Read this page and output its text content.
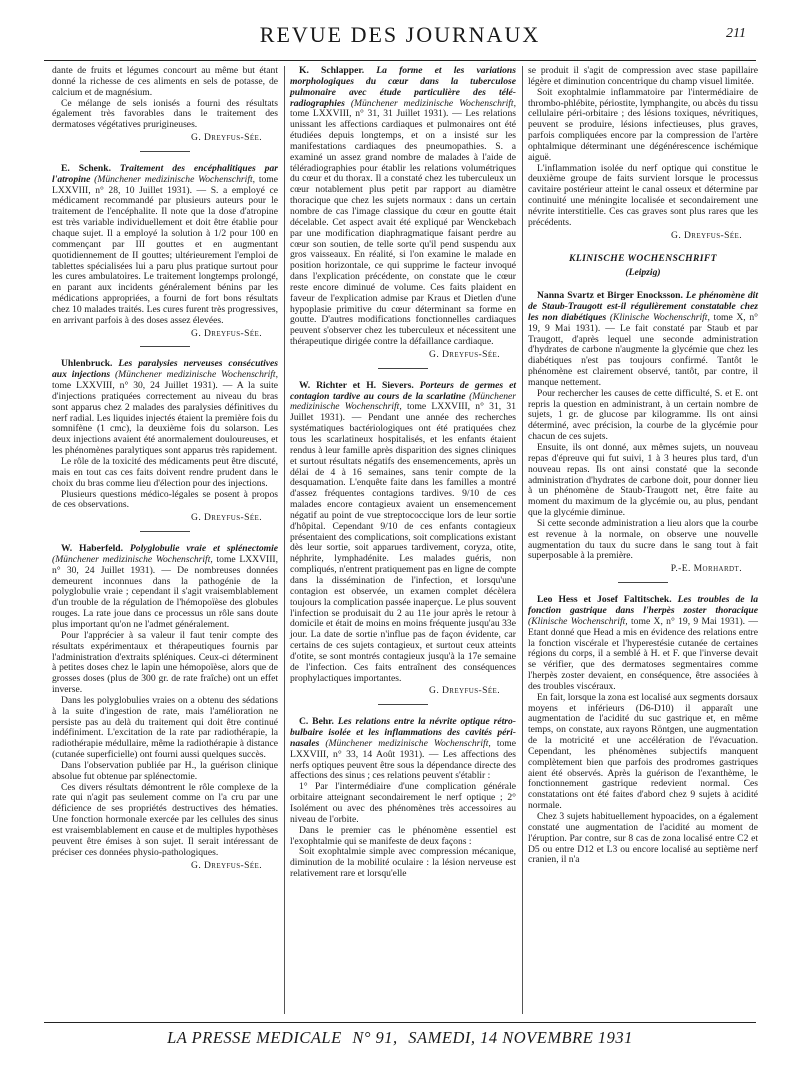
REVUE DES JOURNAUX	211

dante de fruits et légumes concourt au même but étant donné la richesse de ces aliments en sels de potasse, de calcium et de magnésium.

Ce mélange de sels ionisés a fourni des résultats également très favorables dans le traitement des dermatoses végétatives prurigineuses.

G. Dreyfus-Sée.

E. Schenk. Traitement des encéphalitiques par l'atropine (Münchener medizinische Wochenschrift, tome LXXVIII, n° 28, 10 Juillet 1931). — S. a employé ce médicament recommandé par plusieurs auteurs pour le traitement de l'encéphalite. Il note que la dose d'atropine est très variable individuellement et doit être établie pour chaque sujet. Il a employé la solution à 1/2 pour 100 en commençant par III gouttes et en augmentant quotidiennement de II gouttes; ultérieurement l'emploi de tablettes spécialisées lui a paru plus pratique surtout pour les cures ambulatoires. Le traitement longtemps prolongé, en parant aux incidents généralement bénins par les médications appropriées, a fourni de fort bons résultats chez 10 malades traités. Les cures furent très progressives, en arrivant parfois à des doses assez élevées.

G. Dreyfus-Sée.

Uhlenbruck. Les paralysies nerveuses consécutives aux injections (Münchener medizinische Wochenschrift, tome LXXVIII, n° 30, 24 Juillet 1931). — A la suite d'injections pratiquées correctement au niveau du bras sont apparus chez 2 malades des paralysies définitives du nerf radial. Les liquides injectés étaient la première fois du somnifène (1 cmc), la deuxième fois du solarson. Les deux injections avaient été anormalement douloureuses, et les phénomènes paralytiques sont apparus très rapidement.

Le rôle de la toxicité des médicaments peut être discuté, mais en tout cas ces faits doivent rendre prudent dans le choix du bras comme lieu d'élection pour des injections.

Plusieurs questions médico-légales se posent à propos de ces observations.

G. Dreyfus-Sée.

W. Haberfeld. Polyglobulie vraie et splénectomie (Münchener medizinische Wochenschrift, tome LXXVIII, n° 30, 24 Juillet 1931). — De nombreuses données demeurent inconnues dans la pathogénie de la polyglobulie vraie ; cependant il s'agit vraisemblablement d'un trouble de la régulation de l'hémopoïèse des globules rouges. La rate joue dans ce processus un rôle sans doute plus important qu'on ne l'admet généralement.

Pour l'apprécier à sa valeur il faut tenir compte des résultats expérimentaux et thérapeutiques fournis par l'administration d'extraits spléniques. Ceux-ci déterminent à petites doses chez le lapin une hémopoïèse, alors que de grosses doses (plus de 300 gr. de rate fraîche) ont un effet inverse.

Dans les polyglobulies vraies on a obtenu des sédations à la suite d'ingestion de rate, mais l'amélioration ne persiste pas au delà du traitement qui doit être continué indéfiniment. L'excitation de la rate par radiothérapie, la radiothérapie médullaire, même la radiothérapie à distance (cutanée superficielle) ont fourni aussi quelques succès.

Dans l'observation publiée par H., la guérison clinique absolue fut obtenue par splénectomie.

Ces divers résultats démontrent le rôle complexe de la rate qui n'agit pas seulement comme on l'a cru par une déficience de ses propriétés destructives des hématies. Une fonction hormonale exercée par les cellules des sinus est vraisemblablement en cause et de multiples hypothèses peuvent être émises à son sujet. Il serait intéressant de préciser ces données physio-pathologiques.

G. Dreyfus-Sée.

K. Schlapper. La forme et les variations morphologiques du cœur dans la tuberculose pulmonaire avec étude particulière des télé-radiographies (Münchener medizinische Wochenschrift, tome LXXVIII, n° 31, 31 Juillet 1931). — Les relations unissant les affections cardiaques et pulmonaires ont été étudiées depuis longtemps, et on a insisté sur les manifestations cardiaques des pneumopathies. S. a examiné un assez grand nombre de malades à l'aide de téléradiographies pour établir les relations volumétriques du cœur et du thorax. Il a constaté chez les tuberculeux un cœur notablement plus petit par rapport au diamètre thoracique que chez les sujets normaux : dans un certain nombre de cas l'image classique du cœur en goutte était décelable. Cet aspect avait été expliqué par Wenckebach par une modification diaphragmatique faisant perdre au cœur son soutien, de telle sorte qu'il pend suspendu aux gros vaisseaux. En réalité, si l'on examine le malade en position horizontale, ce qui supprime le facteur invoqué dans l'explication précédente, on constate que le cœur reste encore diminué de volume. Ces faits plaident en faveur de l'explication admise par Kraus et Dietlen d'une hypoplasie primitive du cœur déterminant sa forme en goutte. D'autres modifications fonctionnelles cardiaques peuvent s'observer chez les tuberculeux et nécessitent une thérapeutique dirigée contre la défaillance cardiaque.

G. Dreyfus-Sée.

W. Richter et H. Sievers. Porteurs de germes et contagion tardive au cours de la scarlatine (Münchener medizinische Wochenschrift, tome LXXVIII, n° 31, 31 Juillet 1931). — Pendant une année des recherches systématiques bactériologiques ont été pratiquées chez tous les scarlatineux hospitalisés, et les enfants étaient rendus à leur famille après disparition des signes cliniques et surtout résultats négatifs des ensemencements, après un délai de 4 à 16 semaines, sans tenir compte de la desquamation. L'enquête faite dans les familles a montré d'assez fréquentes contagions tardives. 9/10 de ces malades encore contagieux avaient un ensemencement négatif au point de vue streptococcique lors de leur sortie d'hôpital. Cependant 9/10 de ces enfants contagieux présentaient des complications, soit complications existant dès leur sortie, soit apparues tardivement, coryza, otite, néphrite, lymphadénite. Les malades guéris, non compliqués, n'entrent pratiquement pas en ligne de compte dans la dissémination de l'infection, et lorsqu'une contagion est observée, un examen complet décèlera toujours la complication passée inaperçue. Le plus souvent l'infection se produisait du 2 au 11e jour après le retour à domicile et était de moins en moins fréquente jusqu'au 33e jour. La date de sortie n'influe pas de façon évidente, car certains de ces sujets contagieux, et surtout ceux atteints d'otite, se sont montrés contagieux jusqu'à la 17e semaine de l'infection. Ces faits entraînent des conséquences prophylactiques importantes.

G. Dreyfus-Sée.

C. Behr. Les relations entre la névrite optique rétro-bulbaire isolée et les inflammations des cavités péri-nasales (Münchener medizinische Wochenschrift, tome LXXVIII, n° 33, 14 Août 1931). — Les affections des nerfs optiques peuvent être sous la dépendance directe des affections des sinus ; ces relations peuvent s'établir :

1° Par l'intermédiaire d'une complication générale orbitaire atteignant secondairement le nerf optique ; 2° Isolément ou avec des phénomènes très accessoires au niveau de l'orbite.

Dans le premier cas le phénomène essentiel est l'exophtalmie qui se manifeste de deux façons :

Soit exophtalmie simple avec compression mécanique, diminution de la mobilité oculaire : la lésion nerveuse est relativement rare et lorsqu'elle

se produit il s'agit de compression avec stase papillaire légère et diminution concentrique du champ visuel limitée.

Soit exophtalmie inflammatoire par l'intermédiaire de thrombo-phlébite, périostite, lymphangite, ou abcès du tissu cellulaire péri-orbitaire ; des lésions toxiques, névritiques, peuvent se produire, lésions infectieuses, plus graves, parfois compliquées encore par la compression de l'artère ophtalmique déterminant une dégénérescence ischémique aiguë.

L'inflammation isolée du nerf optique qui constitue le deuxième groupe de faits survient lorsque le processus cavitaire postérieur atteint le canal osseux et détermine par continuité une méningite localisée et secondairement une névrite interstitielle. Ces cas graves sont plus rares que les précédents.

G. Dreyfus-Sée.
KLINISCHE WOCHENSCHRIFT
(Leipzig)

Nanna Svartz et Birger Enocksson. Le phénomène dit de Staub-Traugott est-il régulièrement constatable chez les non diabétiques (Klinische Wochenschrift, tome X, n° 19, 9 Mai 1931). — Le fait constaté par Staub et par Traugott, d'après lequel une seconde administration d'hydrates de carbone n'augmente la glycémie que chez les diabétiques n'est pas toujours confirmé. Tantôt le phénomène est clairement observé, tantôt, par contre, il manque nettement.

Pour rechercher les causes de cette difficulté, S. et E. ont repris la question en administrant, à un certain nombre de sujets, 1 gr. de glucose par kilogramme. Ils ont ainsi déterminé, avec précision, la courbe de la glycémie pour chacun de ces sujets.

Ensuite, ils ont donné, aux mêmes sujets, un nouveau repas d'épreuve qui fut suivi, 1 à 3 heures plus tard, d'un nouveau repas. Ils ont ainsi constaté que la seconde administration d'hydrates de carbone doit, pour donner lieu à un phénomène de Staub-Traugott net, être faite au moment du maximum de la glycémie ou, au plus, pendant que la glycémie diminue.

Si cette seconde administration a lieu alors que la courbe est revenue à la normale, on observe une nouvelle augmentation du taux du sucre dans le sang tout à fait superposable à la première.

P.-E. Morhardt.

Leo Hess et Josef Faltitschek. Les troubles de la fonction gastrique dans l'herpès zoster thoracique (Klinische Wochenschrift, tome X, n° 19, 9 Mai 1931). — Etant donné que Head a mis en évidence des relations entre la fonction viscérale et l'hyperestésie cutanée de certaines régions du corps, il a semblé à H. et F. que l'inverse devait se vérifier, que des dermatoses segmentaires comme l'herpès zoster devaient, en conséquence, être associées à des troubles viscéraux.

En fait, lorsque la zona est localisé aux segments dorsaux moyens et inférieurs (D6-D10) il apparaît une augmentation de l'acidité du suc gastrique et, en même temps, on constate, aux rayons Röntgen, une augmentation de la motricité et une accélération de l'évacuation. Cependant, les phénomènes subjectifs manquent complètement bien que parfois des prodromes gastriques aient été observés. Après la guérison de l'exanthème, le fonctionnement gastrique redevient normal. Ces constatations ont été faites d'abord chez 9 sujets à acidité normale.

Chez 3 sujets habituellement hypoacides, on a également constaté une augmentation de l'acidité au moment de l'éruption. Par contre, sur 8 cas de zona localisé entre C2 et D5 ou entre D12 et L3 ou encore localisé au septième nerf cranien, il n'a

LA PRESSE MEDICALE N° 91, SAMEDI, 14 NOVEMBRE 1931
